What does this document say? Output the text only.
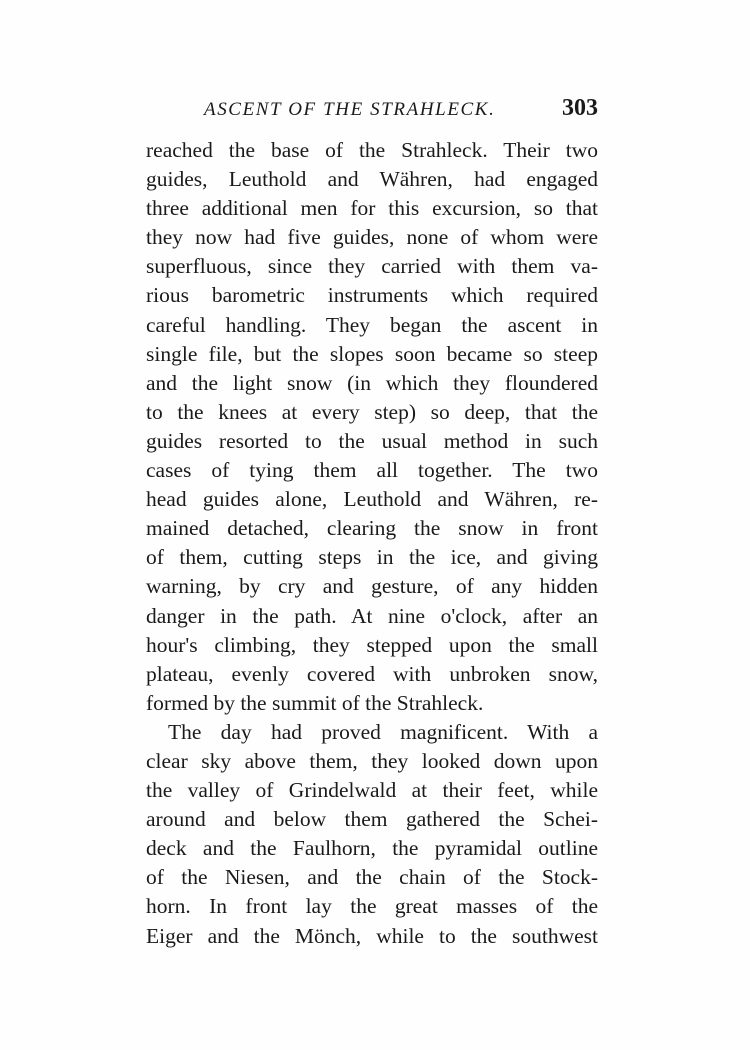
ASCENT OF THE STRAHLECK.	303
reached the base of the Strahleck. Their two
guides, Leuthold and Währen, had engaged
three additional men for this excursion, so that
they now had five guides, none of whom were
superfluous, since they carried with them va-
rious barometric instruments which required
careful handling. They began the ascent in
single file, but the slopes soon became so steep
and the light snow (in which they floundered
to the knees at every step) so deep, that the
guides resorted to the usual method in such
cases of tying them all together. The two
head guides alone, Leuthold and Währen, re-
mained detached, clearing the snow in front
of them, cutting steps in the ice, and giving
warning, by cry and gesture, of any hidden
danger in the path. At nine o'clock, after an
hour's climbing, they stepped upon the small
plateau, evenly covered with unbroken snow,
formed by the summit of the Strahleck.
The day had proved magnificent. With a
clear sky above them, they looked down upon
the valley of Grindelwald at their feet, while
around and below them gathered the Schei-
deck and the Faulhorn, the pyramidal outline
of the Niesen, and the chain of the Stock-
horn. In front lay the great masses of the
Eiger and the Mönch, while to the southwest
